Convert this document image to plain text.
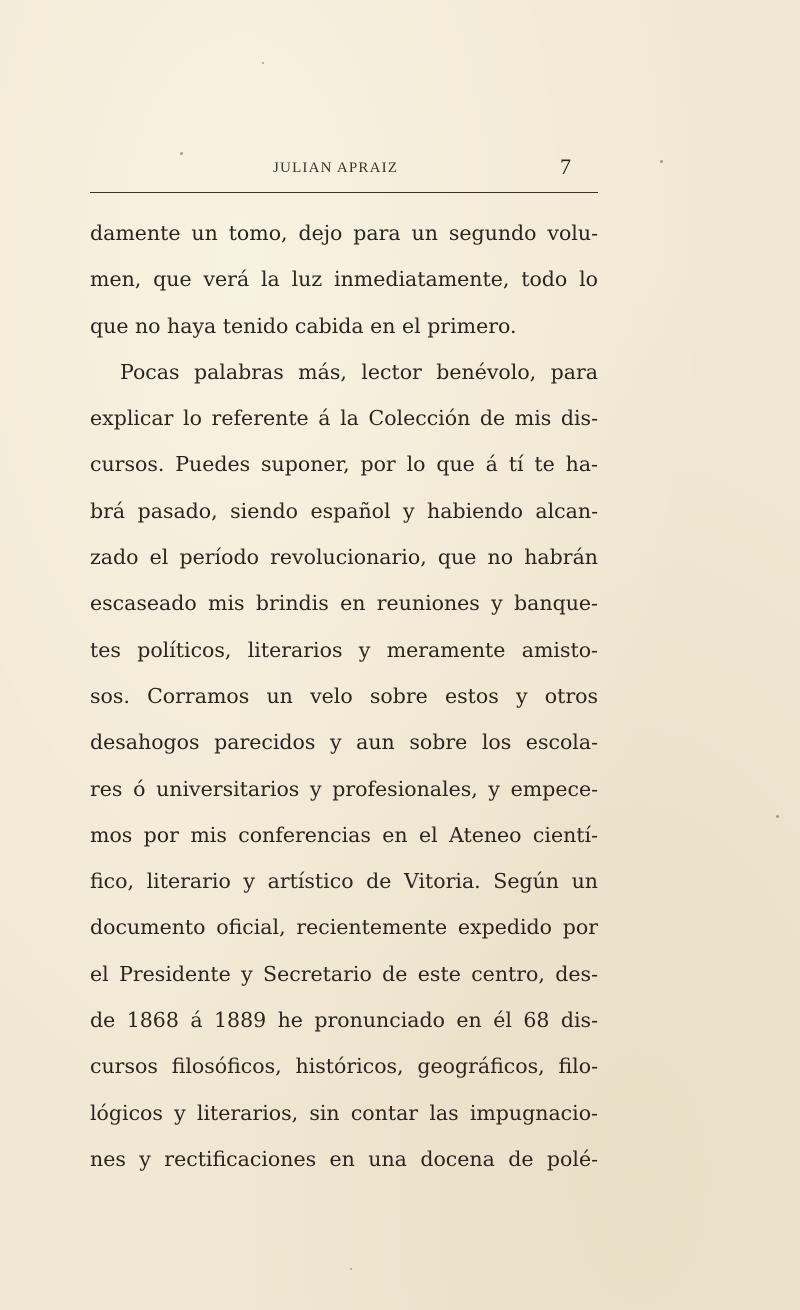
JULIAN APRAIZ	7
damente un tomo, dejo para un segundo volu-
men, que verá la luz inmediatamente, todo lo
que no haya tenido cabida en el primero.
Pocas palabras más, lector benévolo, para
explicar lo referente á la Colección de mis dis-
cursos. Puedes suponer, por lo que á tí te ha-
brá pasado, siendo español y habiendo alcan-
zado el período revolucionario, que no habrán
escaseado mis brindis en reuniones y banque-
tes políticos, literarios y meramente amisto-
sos. Corramos un velo sobre estos y otros
desahogos parecidos y aun sobre los escola-
res ó universitarios y profesionales, y empece-
mos por mis conferencias en el Ateneo cientí-
fico, literario y artístico de Vitoria. Según un
documento oficial, recientemente expedido por
el Presidente y Secretario de este centro, des-
de 1868 á 1889 he pronunciado en él 68 dis-
cursos filosóficos, históricos, geográficos, filo-
lógicos y literarios, sin contar las impugnacio-
nes y rectificaciones en una docena de polé-
